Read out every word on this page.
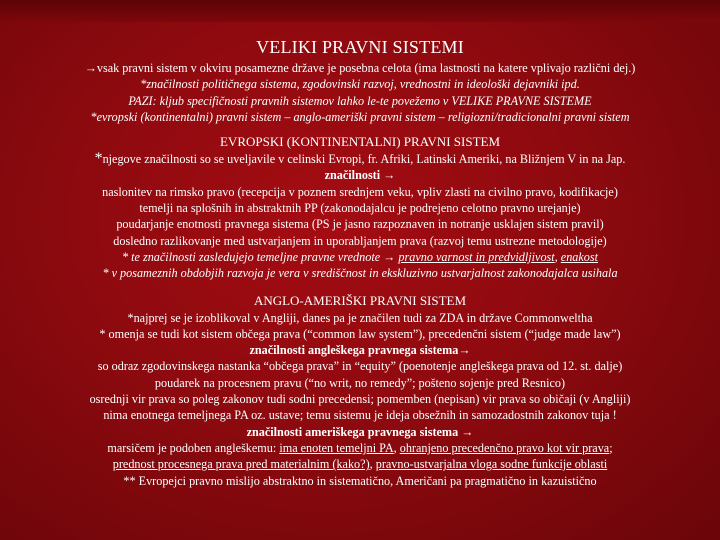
VELIKI PRAVNI SISTEMI

→vsak pravni sistem v okviru posamezne države je posebna celota (ima lastnosti na katere vplivajo različni dej.)

*značilnosti političnega sistema, zgodovinski razvoj, vrednostni in ideološki dejavniki ipd.

PAZI: kljub specifičnosti pravnih sistemov lahko le-te povežemo v VELIKE PRAVNE SISTEME

*evropski (kontinentalni) pravni sistem – anglo-ameriški pravni sistem – religiozni/tradicionalni pravni sistem

EVROPSKI (KONTINENTALNI) PRAVNI SISTEM

*njegove značilnosti so se uveljavile v celinski Evropi, fr. Afriki, Latinski Ameriki, na Bližnjem V in na Jap.

značilnosti →

naslonitev na rimsko pravo (recepcija v poznem srednjem veku, vpliv zlasti na civilno pravo, kodifikacje)

temelji na splošnih in abstraktnih PP (zakonodajalcu je podrejeno celotno pravno urejanje)

poudarjanje enotnosti pravnega sistema (PS je jasno razpoznaven in notranje usklajen sistem pravil)

dosledno razlikovanje med ustvarjanjem in uporabljanjem prava (razvoj temu ustrezne metodologije)

* te značilnosti zasledujejo temeljne pravne vrednote → pravno varnost in predvidljivost, enakost

* v posameznih obdobjih razvoja je vera v središčnost in ekskluzivno ustvarjalnost zakonodajalca usihala

ANGLO-AMERIŠKI PRAVNI SISTEM

*najprej se je izoblikoval v Angliji, danes pa je značilen tudi za ZDA in države Commonweltha

* omenja se tudi kot sistem občega prava (“common law system”), precedenčni sistem (“judge made law”)

značilnosti angleškega pravnega sistema→

so odraz zgodovinskega nastanka “občega prava” in “equity” (poenotenje angleškega prava od 12. st. dalje)

poudarek na procesnem pravu (“no writ, no remedy”; pošteno sojenje pred Resnico)

osrednji vir prava so poleg zakonov tudi sodni precedensi; pomemben (nepisan) vir prava so običaji (v Angliji)

nima enotnega temeljnega PA oz. ustave; temu sistemu je ideja obsežnih in samozadostnih zakonov tuja !

značilnosti ameriškega pravnega sistema →

marsičem je podoben angleškemu: ima enoten temeljni PA, ohranjeno precedenčno pravo kot vir prava;

prednost procesnega prava pred materialnim (kako?), pravno-ustvarjalna vloga sodne funkcije oblasti

** Evropejci pravno mislijo abstraktno in sistematično, Američani pa pragmatično in kazuistično
